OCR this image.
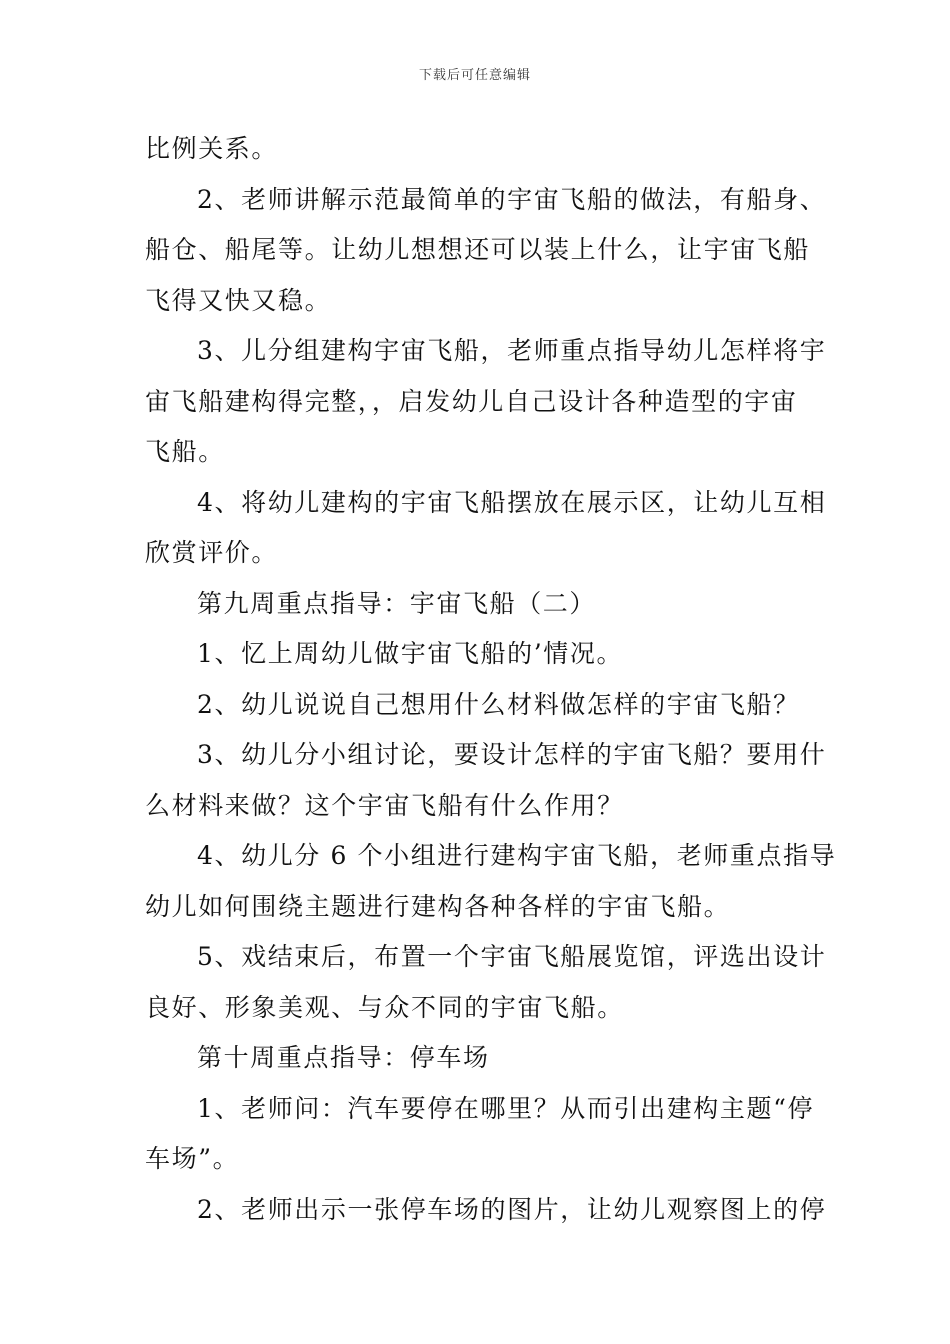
下载后可任意编辑
比例关系。
2、老师讲解示范最简单的宇宙飞船的做法，有船身、
船仓、船尾等。让幼儿想想还可以装上什么，让宇宙飞船
飞得又快又稳。
3、儿分组建构宇宙飞船，老师重点指导幼儿怎样将宇
宙飞船建构得完整，，启发幼儿自己设计各种造型的宇宙
飞船。
4、将幼儿建构的宇宙飞船摆放在展示区，让幼儿互相
欣赏评价。
第九周重点指导：宇宙飞船（二）
1、忆上周幼儿做宇宙飞船的’情况。
2、幼儿说说自己想用什么材料做怎样的宇宙飞船？
3、幼儿分小组讨论，要设计怎样的宇宙飞船？要用什
么材料来做？这个宇宙飞船有什么作用？
4、幼儿分 6 个小组进行建构宇宙飞船，老师重点指导
幼儿如何围绕主题进行建构各种各样的宇宙飞船。
5、戏结束后，布置一个宇宙飞船展览馆，评选出设计
良好、形象美观、与众不同的宇宙飞船。
第十周重点指导：停车场
1、老师问：汽车要停在哪里？从而引出建构主题“停
车场”。
2、老师出示一张停车场的图片，让幼儿观察图上的停
